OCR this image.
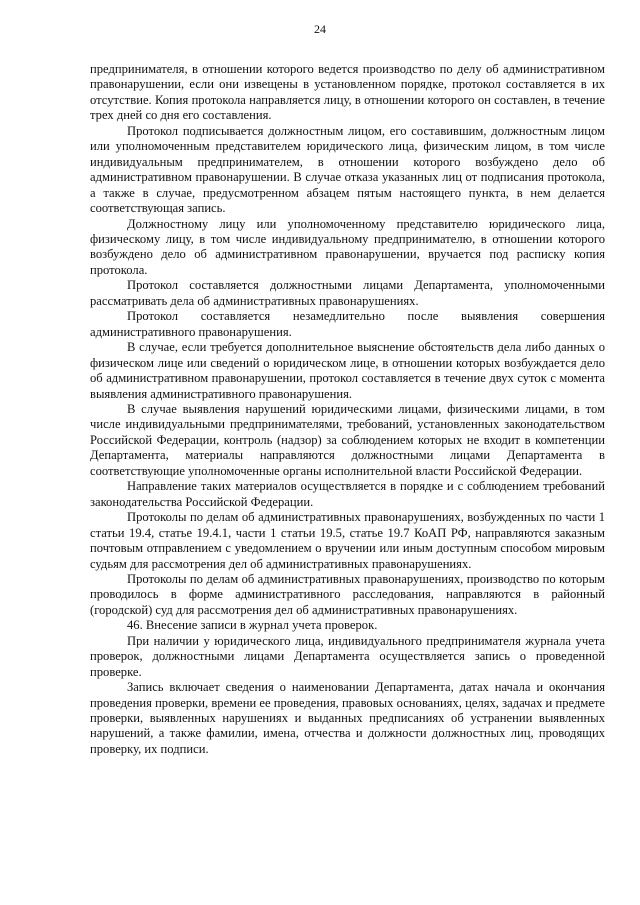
24

предпринимателя, в отношении которого ведется производство по делу об административном правонарушении, если они извещены в установленном порядке, протокол составляется в их отсутствие. Копия протокола направляется лицу, в отношении которого он составлен, в течение трех дней со дня его составления.

Протокол подписывается должностным лицом, его составившим, должностным лицом или уполномоченным представителем юридического лица, физическим лицом, в том числе индивидуальным предпринимателем, в отношении которого возбуждено дело об административном правонарушении. В случае отказа указанных лиц от подписания протокола, а также в случае, предусмотренном абзацем пятым настоящего пункта, в нем делается соответствующая запись.

Должностному лицу или уполномоченному представителю юридического лица, физическому лицу, в том числе индивидуальному предпринимателю, в отношении которого возбуждено дело об административном правонарушении, вручается под расписку копия протокола.

Протокол составляется должностными лицами Департамента, уполномоченными рассматривать дела об административных правонарушениях.

Протокол составляется незамедлительно после выявления совершения административного правонарушения.

В случае, если требуется дополнительное выяснение обстоятельств дела либо данных о физическом лице или сведений о юридическом лице, в отношении которых возбуждается дело об административном правонарушении, протокол составляется в течение двух суток с момента выявления административного правонарушения.

В случае выявления нарушений юридическими лицами, физическими лицами, в том числе индивидуальными предпринимателями, требований, установленных законодательством Российской Федерации, контроль (надзор) за соблюдением которых не входит в компетенции Департамента, материалы направляются должностными лицами Департамента в соответствующие уполномоченные органы исполнительной власти Российской Федерации.

Направление таких материалов осуществляется в порядке и с соблюдением требований законодательства Российской Федерации.

Протоколы по делам об административных правонарушениях, возбужденных по части 1 статьи 19.4, статье 19.4.1, части 1 статьи 19.5, статье 19.7 КоАП РФ, направляются заказным почтовым отправлением с уведомлением о вручении или иным доступным способом мировым судьям для рассмотрения дел об административных правонарушениях.

Протоколы по делам об административных правонарушениях, производство по которым проводилось в форме административного расследования, направляются в районный (городской) суд для рассмотрения дел об административных правонарушениях.

46. Внесение записи в журнал учета проверок.

При наличии у юридического лица, индивидуального предпринимателя журнала учета проверок, должностными лицами Департамента осуществляется запись о проведенной проверке.

Запись включает сведения о наименовании Департамента, датах начала и окончания проведения проверки, времени ее проведения, правовых основаниях, целях, задачах и предмете проверки, выявленных нарушениях и выданных предписаниях об устранении выявленных нарушений, а также фамилии, имена, отчества и должности должностных лиц, проводящих проверку, их подписи.
